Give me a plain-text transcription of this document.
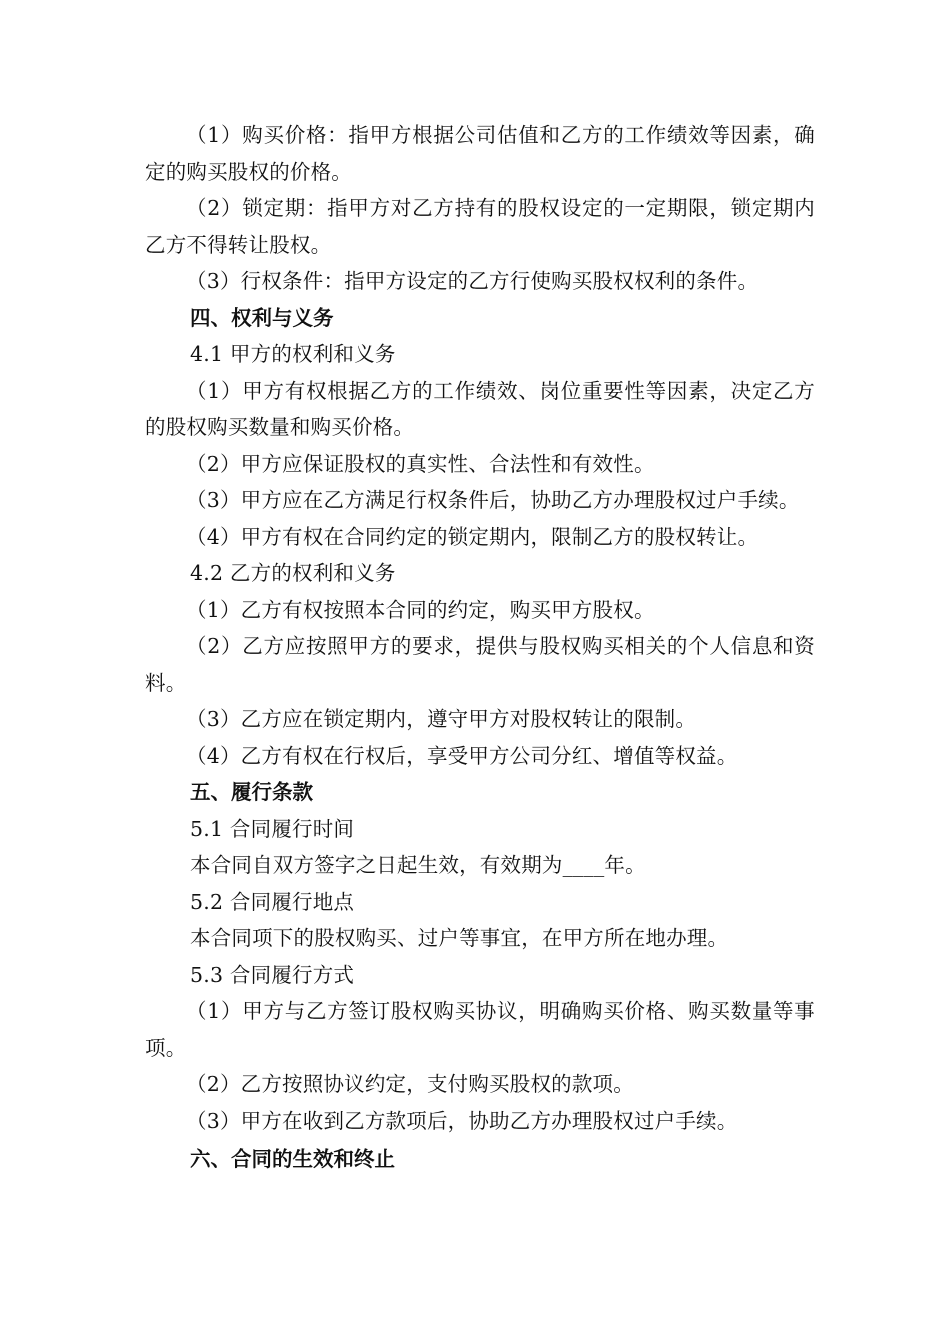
（1）购买价格：指甲方根据公司估值和乙方的工作绩效等因素，确定的购买股权的价格。

（2）锁定期：指甲方对乙方持有的股权设定的一定期限，锁定期内乙方不得转让股权。

（3）行权条件：指甲方设定的乙方行使购买股权权利的条件。

四、权利与义务

4.1 甲方的权利和义务

（1）甲方有权根据乙方的工作绩效、岗位重要性等因素，决定乙方的股权购买数量和购买价格。

（2）甲方应保证股权的真实性、合法性和有效性。

（3）甲方应在乙方满足行权条件后，协助乙方办理股权过户手续。

（4）甲方有权在合同约定的锁定期内，限制乙方的股权转让。

4.2 乙方的权利和义务

（1）乙方有权按照本合同的约定，购买甲方股权。

（2）乙方应按照甲方的要求，提供与股权购买相关的个人信息和资料。

（3）乙方应在锁定期内，遵守甲方对股权转让的限制。

（4）乙方有权在行权后，享受甲方公司分红、增值等权益。

五、履行条款

5.1 合同履行时间

本合同自双方签字之日起生效，有效期为____年。

5.2 合同履行地点

本合同项下的股权购买、过户等事宜，在甲方所在地办理。

5.3 合同履行方式

（1）甲方与乙方签订股权购买协议，明确购买价格、购买数量等事项。

（2）乙方按照协议约定，支付购买股权的款项。

（3）甲方在收到乙方款项后，协助乙方办理股权过户手续。

六、合同的生效和终止
